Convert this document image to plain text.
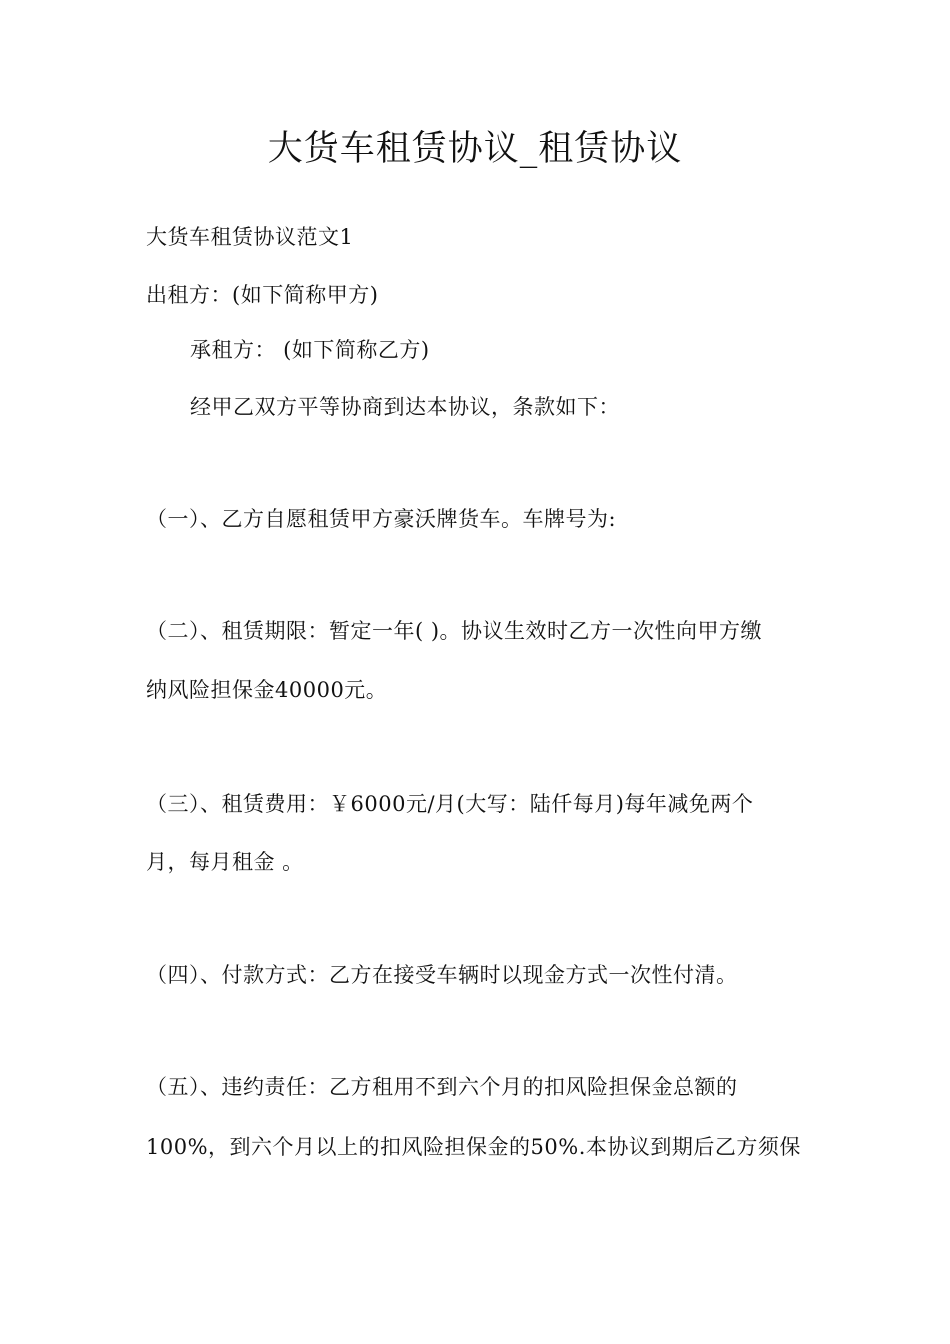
大货车租赁协议_租赁协议
大货车租赁协议范文1
出租方：(如下简称甲方)
承租方： (如下简称乙方)
经甲乙双方平等协商到达本协议，条款如下：
（一）、乙方自愿租赁甲方豪沃牌货车。车牌号为:
（二）、租赁期限：暂定一年( )。协议生效时乙方一次性向甲方缴
纳风险担保金40000元。
（三）、租赁费用：￥6000元/月(大写：陆仟每月)每年减免两个
月，每月租金 。
（四）、付款方式：乙方在接受车辆时以现金方式一次性付清。
（五）、违约责任：乙方租用不到六个月的扣风险担保金总额的
100%，到六个月以上的扣风险担保金的50%.本协议到期后乙方须保
